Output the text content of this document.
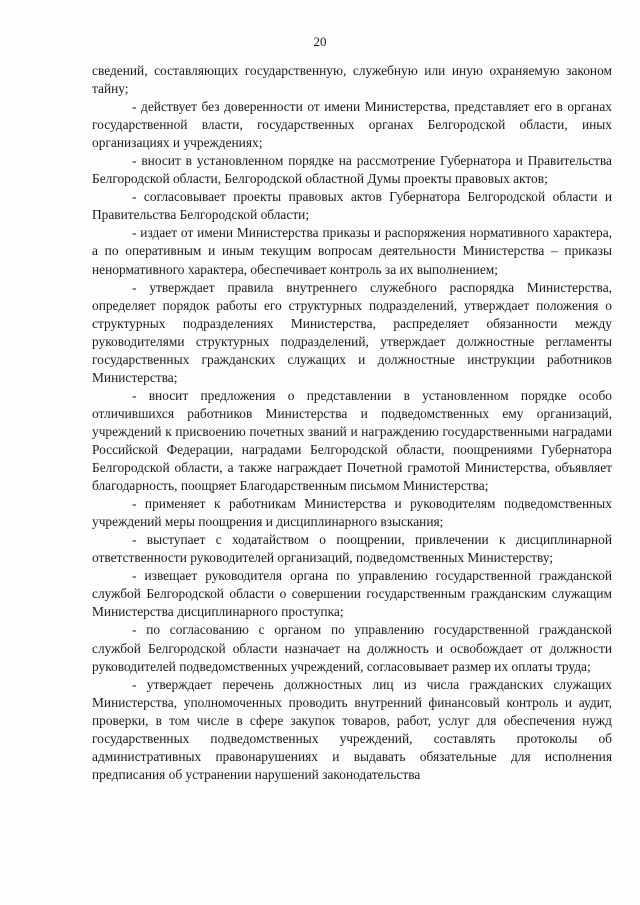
20

сведений, составляющих государственную, служебную или иную охраняемую законом тайну;

- действует без доверенности от имени Министерства, представляет его в органах государственной власти, государственных органах Белгородской области, иных организациях и учреждениях;

- вносит в установленном порядке на рассмотрение Губернатора и Правительства Белгородской области, Белгородской областной Думы проекты правовых актов;

- согласовывает проекты правовых актов Губернатора Белгородской области и Правительства Белгородской области;

- издает от имени Министерства приказы и распоряжения нормативного характера, а по оперативным и иным текущим вопросам деятельности Министерства – приказы ненормативного характера, обеспечивает контроль за их выполнением;

- утверждает правила внутреннего служебного распорядка Министерства, определяет порядок работы его структурных подразделений, утверждает положения о структурных подразделениях Министерства, распределяет обязанности между руководителями структурных подразделений, утверждает должностные регламенты государственных гражданских служащих и должностные инструкции работников Министерства;

- вносит предложения о представлении в установленном порядке особо отличившихся работников Министерства и подведомственных ему организаций, учреждений к присвоению почетных званий и награждению государственными наградами Российской Федерации, наградами Белгородской области, поощрениями Губернатора Белгородской области, а также награждает Почетной грамотой Министерства, объявляет благодарность, поощряет Благодарственным письмом Министерства;

- применяет к работникам Министерства и руководителям подведомственных учреждений меры поощрения и дисциплинарного взыскания;

- выступает с ходатайством о поощрении, привлечении к дисциплинарной ответственности руководителей организаций, подведомственных Министерству;

- извещает руководителя органа по управлению государственной гражданской службой Белгородской области о совершении государственным гражданским служащим Министерства дисциплинарного проступка;

- по согласованию с органом по управлению государственной гражданской службой Белгородской области назначает на должность и освобождает от должности руководителей подведомственных учреждений, согласовывает размер их оплаты труда;

- утверждает перечень должностных лиц из числа гражданских служащих Министерства, уполномоченных проводить внутренний финансовый контроль и аудит, проверки, в том числе в сфере закупок товаров, работ, услуг для обеспечения нужд государственных подведомственных учреждений, составлять протоколы об административных правонарушениях и выдавать обязательные для исполнения предписания об устранении нарушений законодательства
